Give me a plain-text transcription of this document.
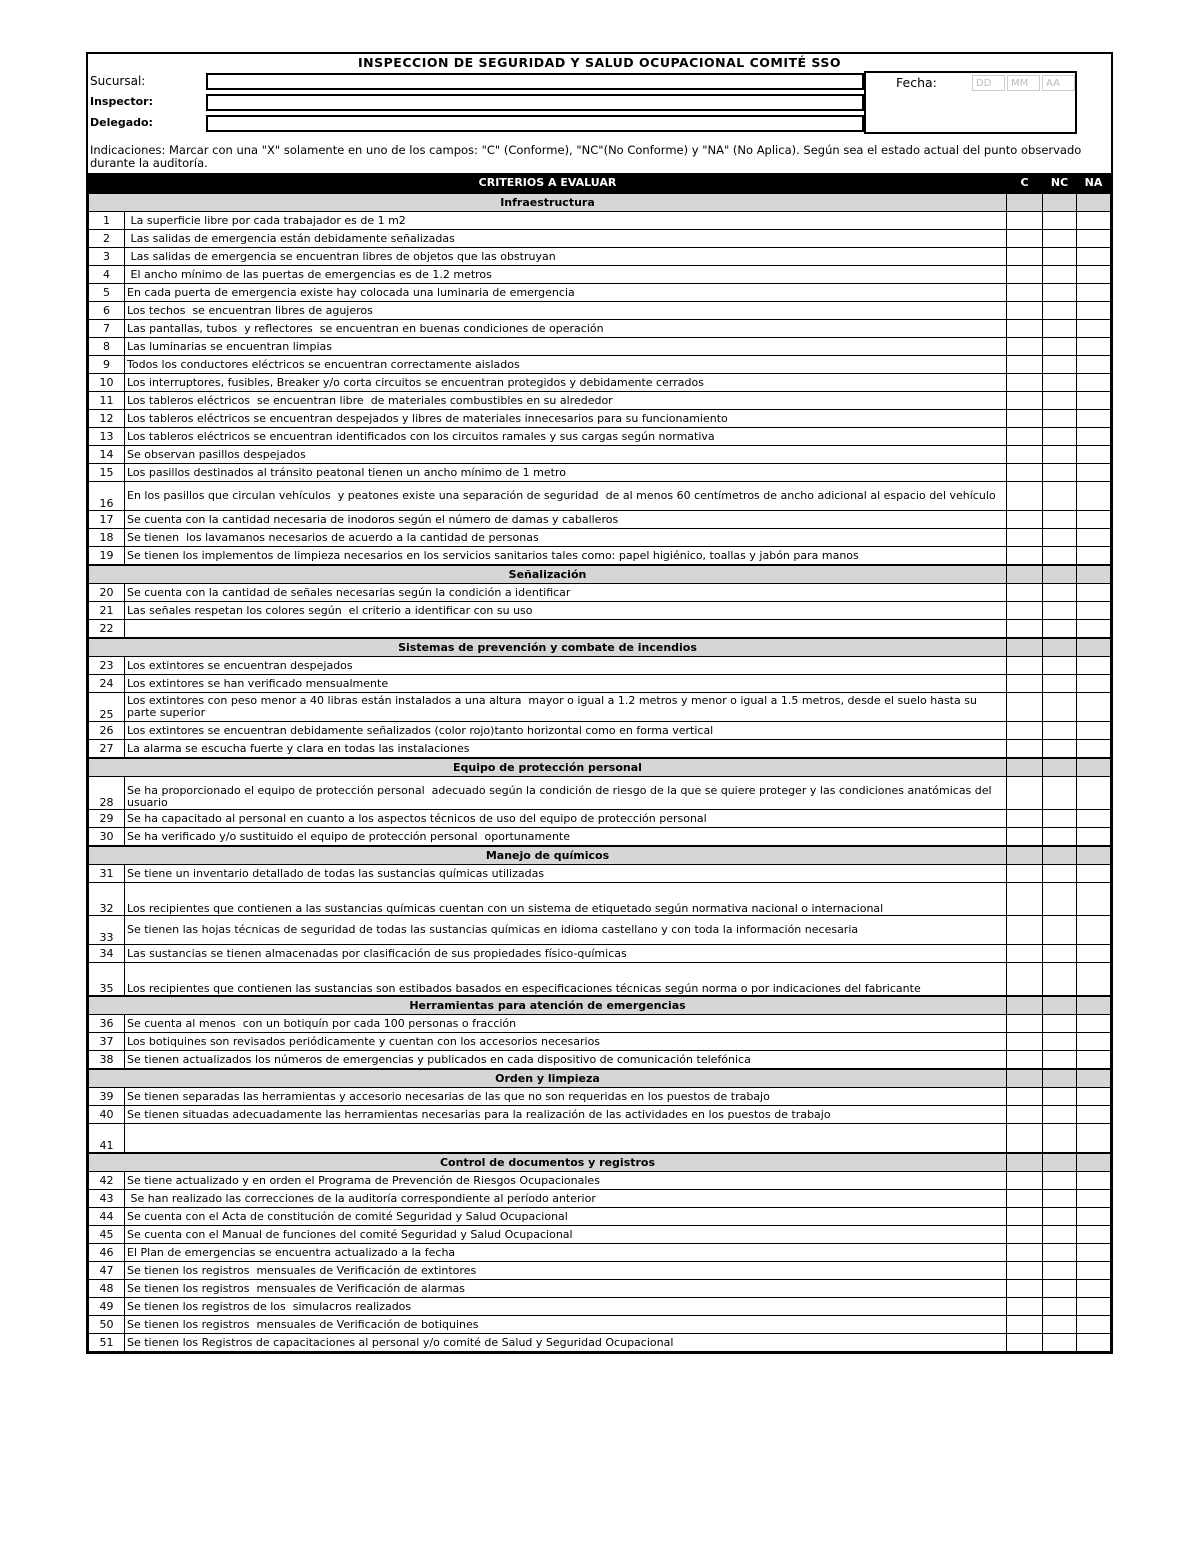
INSPECCION DE SEGURIDAD Y SALUD OCUPACIONAL COMITÉ SSO
Sucursal:
Inspector:
Delegado:
Fecha:	DD	MM	AA
Indicaciones: Marcar con una "X" solamente en uno de los campos: "C" (Conforme), "NC"(No Conforme) y "NA" (No Aplica). Según sea el estado actual del punto observado durante la auditoría.
CRITERIOS A EVALUAR		C	NC	NA
Infraestructura				
1	La superficie libre por cada trabajador es de 1 m2			
2	Las salidas de emergencia están debidamente señalizadas			
3	Las salidas de emergencia se encuentran libres de objetos que las obstruyan			
4	El ancho mínimo de las puertas de emergencias es de 1.2 metros			
5	En cada puerta de emergencia existe hay colocada una luminaria de emergencia			
6	Los techos  se encuentran libres de agujeros			
7	Las pantallas, tubos  y reflectores  se encuentran en buenas condiciones de operación			
8	Las luminarias se encuentran limpias			
9	Todos los conductores eléctricos se encuentran correctamente aislados			
10	Los interruptores, fusibles, Breaker y/o corta circuitos se encuentran protegidos y debidamente cerrados			
11	Los tableros eléctricos  se encuentran libre  de materiales combustibles en su alrededor			
12	Los tableros eléctricos se encuentran despejados y libres de materiales innecesarios para su funcionamiento			
13	Los tableros eléctricos se encuentran identificados con los circuitos ramales y sus cargas según normativa			
14	Se observan pasillos despejados			
15	Los pasillos destinados al tránsito peatonal tienen un ancho mínimo de 1 metro			
16	En los pasillos que circulan vehículos  y peatones existe una separación de seguridad  de al menos 60 centímetros de ancho adicional al espacio del vehículo			
17	Se cuenta con la cantidad necesaria de inodoros según el número de damas y caballeros			
18	Se tienen  los lavamanos necesarios de acuerdo a la cantidad de personas			
19	Se tienen los implementos de limpieza necesarios en los servicios sanitarios tales como: papel higiénico, toallas y jabón para manos			
Señalización				
20	Se cuenta con la cantidad de señales necesarias según la condición a identificar			
21	Las señales respetan los colores según  el criterio a identificar con su uso			
22				
Sistemas de prevención y combate de incendios				
23	Los extintores se encuentran despejados			
24	Los extintores se han verificado mensualmente			
25	Los extintores con peso menor a 40 libras están instalados a una altura  mayor o igual a 1.2 metros y menor o igual a 1.5 metros, desde el suelo hasta su parte superior			
26	Los extintores se encuentran debidamente señalizados (color rojo)tanto horizontal como en forma vertical			
27	La alarma se escucha fuerte y clara en todas las instalaciones			
Equipo de protección personal				
28	Se ha proporcionado el equipo de protección personal  adecuado según la condición de riesgo de la que se quiere proteger y las condiciones anatómicas del usuario			
29	Se ha capacitado al personal en cuanto a los aspectos técnicos de uso del equipo de protección personal			
30	Se ha verificado y/o sustituido el equipo de protección personal  oportunamente			
Manejo de químicos				
31	Se tiene un inventario detallado de todas las sustancias químicas utilizadas			
32	Los recipientes que contienen a las sustancias químicas cuentan con un sistema de etiquetado según normativa nacional o internacional			
33	Se tienen las hojas técnicas de seguridad de todas las sustancias químicas en idioma castellano y con toda la información necesaria			
34	Las sustancias se tienen almacenadas por clasificación de sus propiedades físico-químicas			
35	Los recipientes que contienen las sustancias son estibados basados en especificaciones técnicas según norma o por indicaciones del fabricante			
Herramientas para atención de emergencias				
36	Se cuenta al menos  con un botiquín por cada 100 personas o fracción			
37	Los botiquines son revisados periódicamente y cuentan con los accesorios necesarios			
38	Se tienen actualizados los números de emergencias y publicados en cada dispositivo de comunicación telefónica			
Orden y limpieza				
39	Se tienen separadas las herramientas y accesorio necesarias de las que no son requeridas en los puestos de trabajo			
40	Se tienen situadas adecuadamente las herramientas necesarias para la realización de las actividades en los puestos de trabajo			
41				
Control de documentos y registros				
42	Se tiene actualizado y en orden el Programa de Prevención de Riesgos Ocupacionales			
43	Se han realizado las correcciones de la auditoría correspondiente al período anterior			
44	Se cuenta con el Acta de constitución de comité Seguridad y Salud Ocupacional			
45	Se cuenta con el Manual de funciones del comité Seguridad y Salud Ocupacional			
46	El Plan de emergencias se encuentra actualizado a la fecha			
47	Se tienen los registros  mensuales de Verificación de extintores			
48	Se tienen los registros  mensuales de Verificación de alarmas			
49	Se tienen los registros de los  simulacros realizados			
50	Se tienen los registros  mensuales de Verificación de botiquines			
51	Se tienen los Registros de capacitaciones al personal y/o comité de Salud y Seguridad Ocupacional			
